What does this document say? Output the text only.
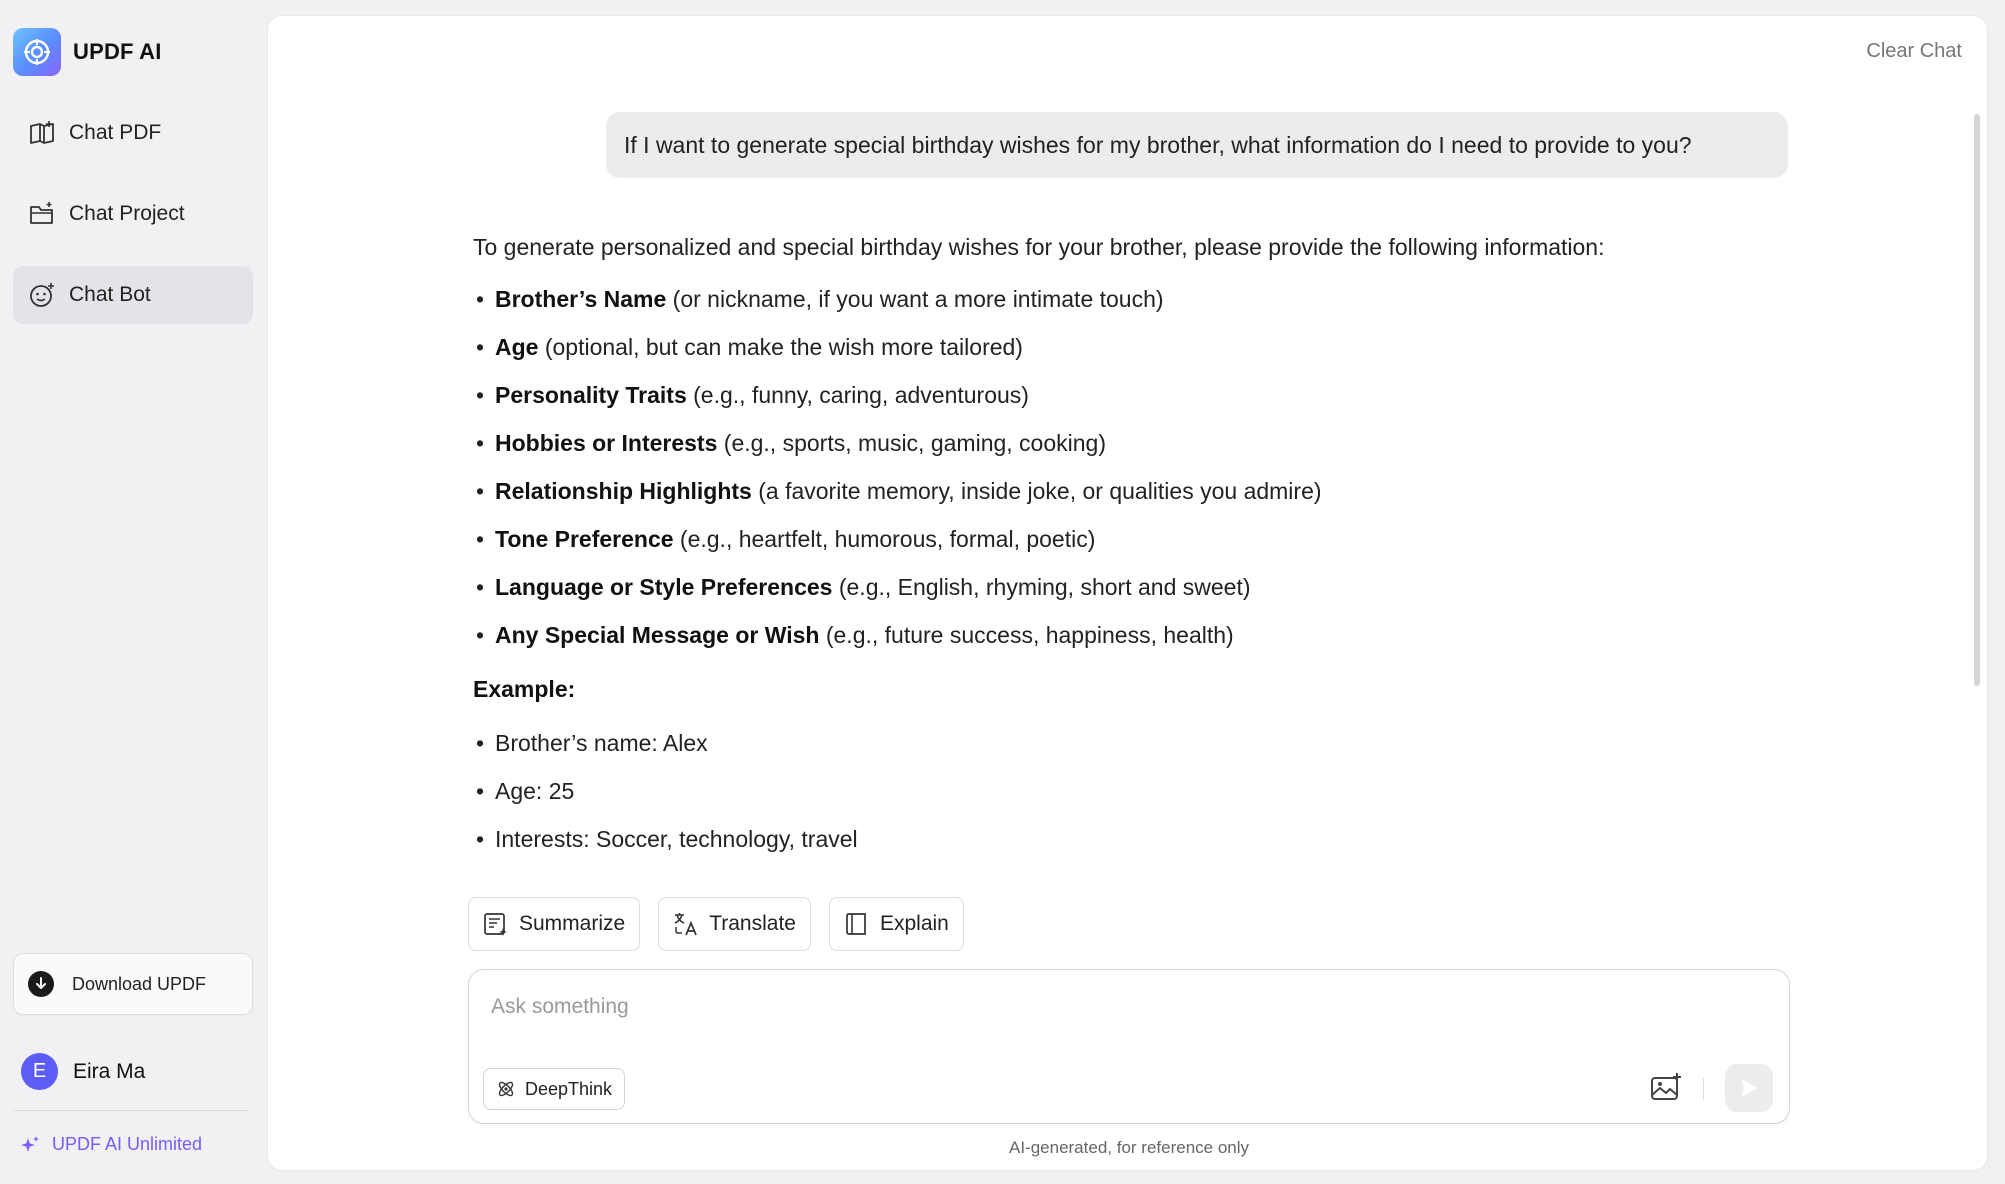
UPDF AI
Chat PDF
Chat Project
Chat Bot
Download UPDF
E	Eira Ma
UPDF AI Unlimited
Clear Chat
If I want to generate special birthday wishes for my brother, what information do I need to provide to you?
To generate personalized and special birthday wishes for your brother, please provide the following information:
• Brother’s Name (or nickname, if you want a more intimate touch)
• Age (optional, but can make the wish more tailored)
• Personality Traits (e.g., funny, caring, adventurous)
• Hobbies or Interests (e.g., sports, music, gaming, cooking)
• Relationship Highlights (a favorite memory, inside joke, or qualities you admire)
• Tone Preference (e.g., heartfelt, humorous, formal, poetic)
• Language or Style Preferences (e.g., English, rhyming, short and sweet)
• Any Special Message or Wish (e.g., future success, happiness, health)
Example:
• Brother’s name: Alex
• Age: 25
• Interests: Soccer, technology, travel
Summarize	Translate	Explain
Ask something
DeepThink
AI-generated, for reference only
